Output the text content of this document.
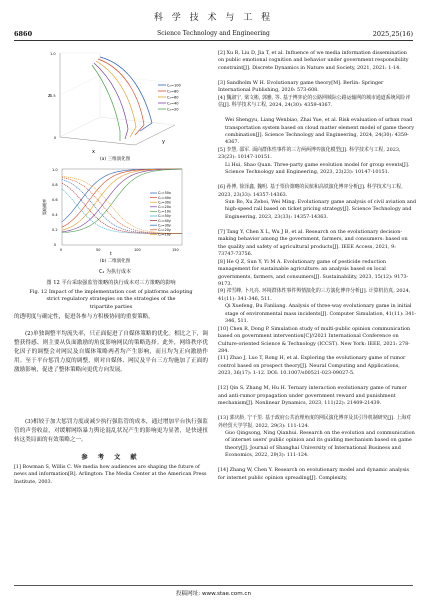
科 学 技 术 与 工 程
6860	Science Technology and Engineering	2025,25(16)
x
y
z
0
0.5
1.0
C₂=100
C₂=80
C₂=60
C₂=40
C₂=20
(a) 三维演化图
t
策略概率
0	50	100	150
0
0.2
0.4
0.6
0.8
1.0
C₂=50x
C₂=40x
C₂=30x
C₂=20x
C₂=10x
C₂=50y
C₂=40y
C₂=30y
C₂=20y
C₂=10y
(b) 二维演化图
C₂ 为执行成本
图 12 平台采取强监管策略的执行成本对三方策略的影响
Fig. 12 Impact of the implementation cost of platforms adopting
strict regulatory strategies on the strategies of the
tripartite parties
的透明度与确定性，促进各参与方积极协同的重要策略。
(2)单独调整平均流失率，只正面促进了自媒体策略的优化。相比之下，调整获得感、则主要从负面激励的角度影响网民的策略选择。此外，网络秩序优化因子的调整会对网民及自媒体策略两者均产生影响，而且均为正向激励作用。至于平台惩罚力度的调整，则对自媒体、网民及平台三方均施加了正面的激励影响，促进了整体策略向更优方向发展。
(3)相较于加大惩罚力度或减少执行强监管的成本，通过增加平台执行强监管的声誉收益，对缓解网络暴力舆论混乱状况产生的影响更为显著，是快速扭转这类局面的有效策略之一。
参 考 文 献
[1] Bowman S, Willis C. We media how audiences are shaping the future of news and information[R]. Arlington: The Media Center at the American Press Institute, 2003.
[2] Xu R, Liu D, Jia T, et al. Influence of we media information dissemination on public emotional cognition and behavior under government responsibility constraint[J]. Discrete Dynamics in Nature and Society, 2021, 2021: 1-14.
[3] Sandholm W H. Evolutionary game theory[M]. Berlin: Springer International Publishing, 2020: 573-608.
[4] 魏淑宁, 梁文彬, 郭雅, 等. 基于博弈论的公路网城际公路运输网的城市通道系统风险评估[J]. 科学技术与工程, 2024, 24(30): 4359-4367.
Wei Shengyu, Liang Wenbiao, Zhai Yue, et al. Risk evaluation of urban road transportation system based on cloud matter element model of game theory combination[J]. Science Technology and Engineering, 2024, 24(30): 4359-4367.
[5] 李慧, 邵军. 面向群体性事件的三方两两博弈演化模型[J]. 科学技术与工程, 2023, 23(23): 10147-10151.
Li Hui, Shao Quan. Three-party game evolution model for group events[J]. Science Technology and Engineering, 2023, 23(23): 10147-10151.
[6] 孙博, 徐泽鑫, 魏明. 基于票价策略的民航和高铁演化博弈分析[J]. 科学技术与工程, 2023, 23(33): 14357-14363.
Sun Bo, Xu Zeboi, Wei Ming. Evolutionary game analysis of civil aviation and high-speed rail based on ticket pricing strategy[J]. Science Technology and Engineering, 2023, 23(33): 14357-14363.
[7] Tang Y, Chen X L, Wu J B, et al. Research on the evolutionary decision-making behavior among the government, farmers, and consumers: based on the quality and safety of agricultural products[J]. IEEE Access, 2021, 9: 73747-73756.
[8] He Q Z, Sun Y, Yi M A. Evolutionary game of pesticide reduction management for sustainable agriculture: an analysis based on local governments, farmers, and consumers[J]. Sustainability, 2023, 15(12): 9173-9173.
[9] 祁雪峰, 卜凡亮. 环境群体性事件舆情演化的三方演化博弈分析[J]. 计算机仿真, 2024, 41(11): 341-346, 511.
Qi Xuefeng, Bu Fanliang. Analysis of three-way evolutionary game in initial stage of environmental mass incidents[J]. Computer Simulation, 41(11): 341-346, 511.
[10] Chen R, Dong P. Simulation study of multi-public opinion communication based on government intervention[C]//2021 International Conference on Culture-oriented Science & Technology (ICCST). New York: IEEE, 2021: 278-284.
[11] Zhao J, Luo T, Rong H, et al. Exploring the evolutionary game of rumor control based on prospect theory[J]. Neural Computing and Applications, 2023, 36(17): 1-12. DOI: 10.1007/s00521-023-09027-5.
[12] Qin S, Zhang M, Hu H. Ternary interaction evolutionary game of rumor and anti-rumor propagation under government reward and punishment mechanism[J]. Nonlinear Dynamics, 2023, 111(22): 21409-21439.
[13] 郭庆龄, 宁千里. 基于政府公共治理角度的网民演化博弈及其引导机制研究[J]. 上海对外经贸大学学报, 2022, 29(3): 111-124.
Guo Qingsong, Ning Qianhui. Research on the evolution and communication of internet users' public opinion and its guiding mechanism based on game theory[J]. Journal of Shanghai University of International Business and Economics, 2022, 29(3): 111-124.
[14] Zhang W, Chen Y. Research on evolutionary model and dynamic analysis for internet public opinion spreading[J]. Complexity,
投稿网址: www.stae.com.cn
